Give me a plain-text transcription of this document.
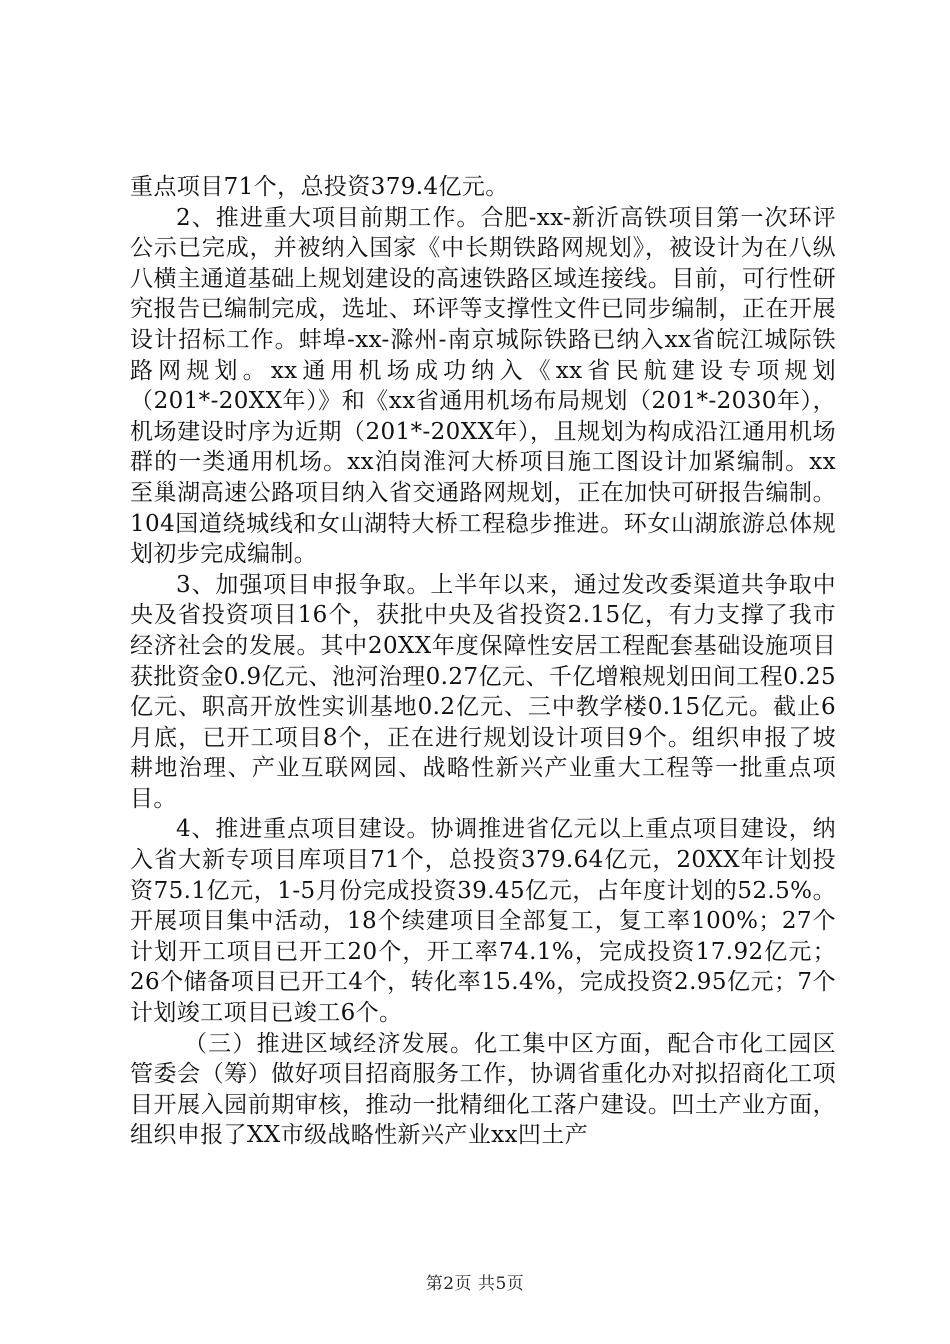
重点项目71个，总投资379.4亿元。

2、推进重大项目前期工作。合肥-xx-新沂高铁项目第一次环评公示已完成，并被纳入国家《中长期铁路网规划》，被设计为在八纵八横主通道基础上规划建设的高速铁路区域连接线。目前，可行性研究报告已编制完成，选址、环评等支撑性文件已同步编制，正在开展设计招标工作。蚌埠-xx-滁州-南京城际铁路已纳入xx省皖江城际铁路网规划。xx通用机场成功纳入《xx省民航建设专项规划（201*-20XX年）》和《xx省通用机场布局规划（201*-2030年），机场建设时序为近期（201*-20XX年），且规划为构成沿江通用机场群的一类通用机场。xx泊岗淮河大桥项目施工图设计加紧编制。xx至巢湖高速公路项目纳入省交通路网规划，正在加快可研报告编制。104国道绕城线和女山湖特大桥工程稳步推进。环女山湖旅游总体规划初步完成编制。

3、加强项目申报争取。上半年以来，通过发改委渠道共争取中央及省投资项目16个，获批中央及省投资2.15亿，有力支撑了我市经济社会的发展。其中20XX年度保障性安居工程配套基础设施项目获批资金0.9亿元、池河治理0.27亿元、千亿增粮规划田间工程0.25亿元、职高开放性实训基地0.2亿元、三中教学楼0.15亿元。截止6月底，已开工项目8个，正在进行规划设计项目9个。组织申报了坡耕地治理、产业互联网园、战略性新兴产业重大工程等一批重点项目。

4、推进重点项目建设。协调推进省亿元以上重点项目建设，纳入省大新专项目库项目71个，总投资379.64亿元，20XX年计划投资75.1亿元，1-5月份完成投资39.45亿元，占年度计划的52.5%。开展项目集中活动，18个续建项目全部复工，复工率100%；27个计划开工项目已开工20个，开工率74.1%，完成投资17.92亿元；26个储备项目已开工4个，转化率15.4%，完成投资2.95亿元；7个计划竣工项目已竣工6个。

（三）推进区域经济发展。化工集中区方面，配合市化工园区管委会（筹）做好项目招商服务工作，协调省重化办对拟招商化工项目开展入园前期审核，推动一批精细化工落户建设。凹土产业方面，组织申报了XX市级战略性新兴产业xx凹土产

第2页 共5页
